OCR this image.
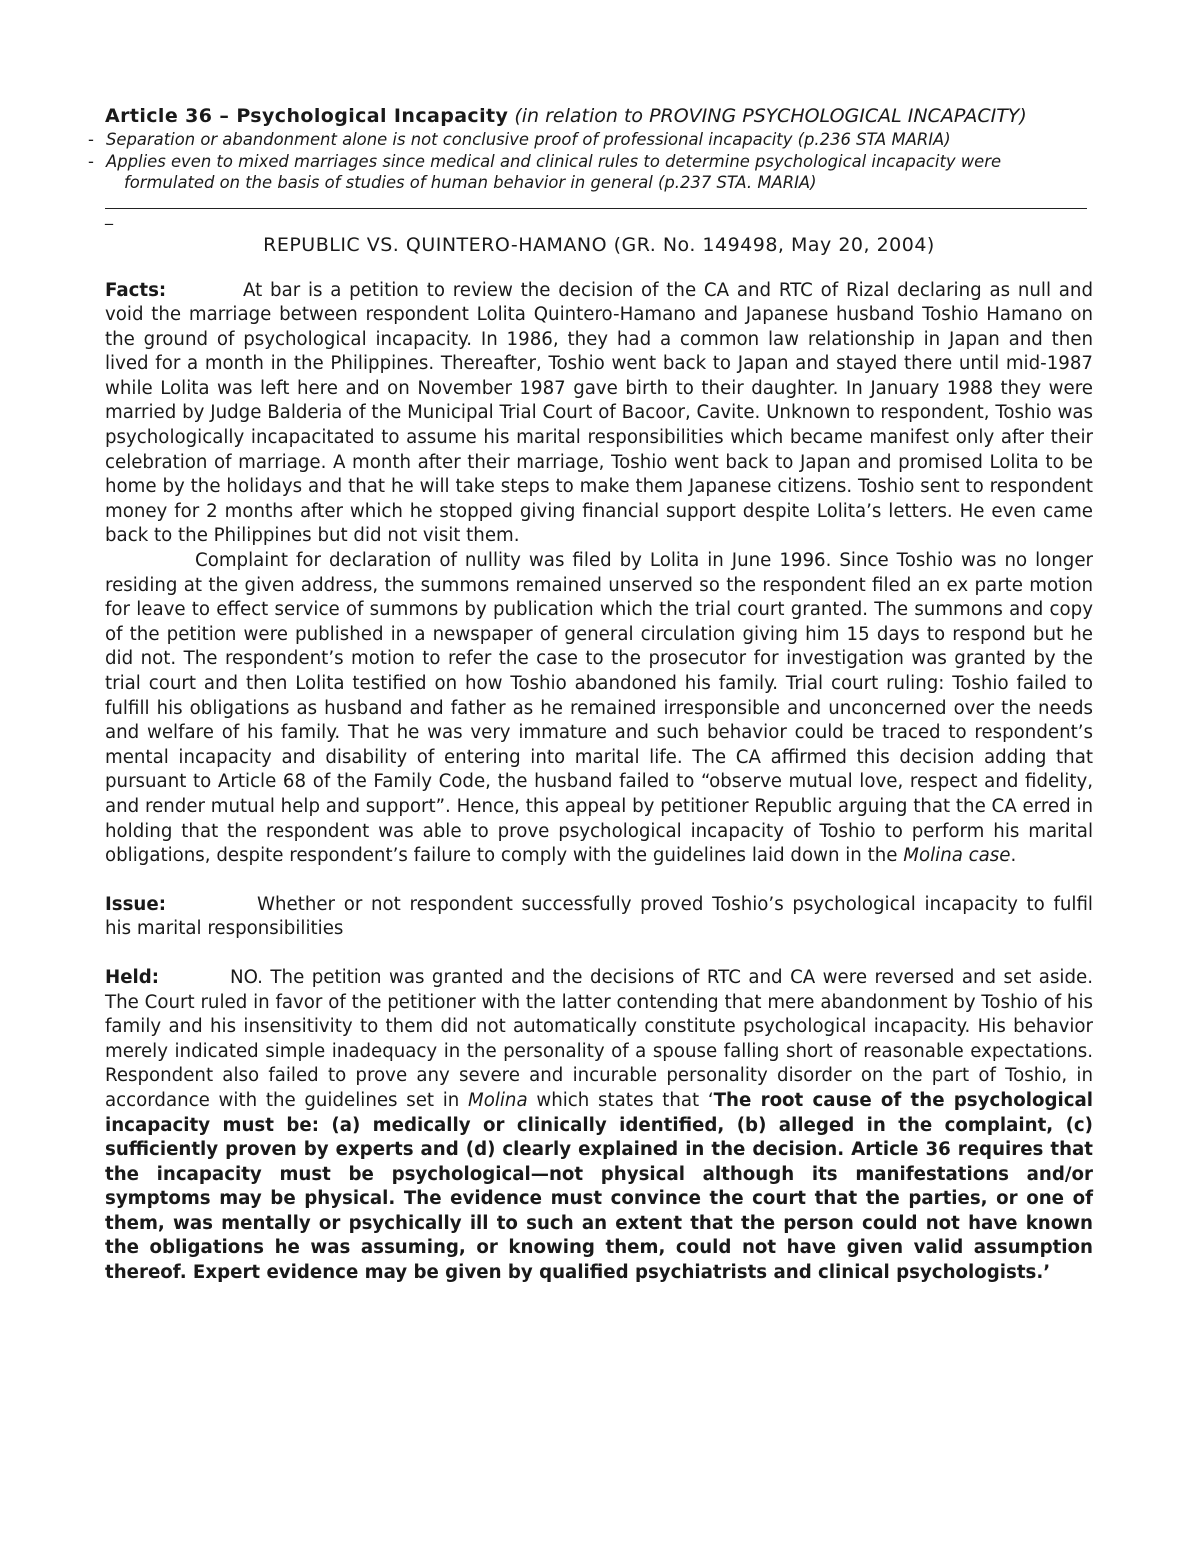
Article 36 – Psychological Incapacity (in relation to PROVING PSYCHOLOGICAL INCAPACITY)
- Separation or abandonment alone is not conclusive proof of professional incapacity (p.236 STA MARIA)
- Applies even to mixed marriages since medical and clinical rules to determine psychological incapacity were
formulated on the basis of studies of human behavior in general (p.237 STA. MARIA)
_
REPUBLIC VS. QUINTERO-HAMANO (GR. No. 149498, May 20, 2004)

Facts:	At bar is a petition to review the decision of the CA and RTC of Rizal declaring as null and void the marriage between respondent Lolita Quintero-Hamano and Japanese husband Toshio Hamano on the ground of psychological incapacity. In 1986, they had a common law relationship in Japan and then lived for a month in the Philippines. Thereafter, Toshio went back to Japan and stayed there until mid-1987 while Lolita was left here and on November 1987 gave birth to their daughter. In January 1988 they were married by Judge Balderia of the Municipal Trial Court of Bacoor, Cavite. Unknown to respondent, Toshio was psychologically incapacitated to assume his marital responsibilities which became manifest only after their celebration of marriage. A month after their marriage, Toshio went back to Japan and promised Lolita to be home by the holidays and that he will take steps to make them Japanese citizens. Toshio sent to respondent money for 2 months after which he stopped giving financial support despite Lolita’s letters. He even came back to the Philippines but did not visit them.

Complaint for declaration of nullity was filed by Lolita in June 1996. Since Toshio was no longer residing at the given address, the summons remained unserved so the respondent filed an ex parte motion for leave to effect service of summons by publication which the trial court granted. The summons and copy of the petition were published in a newspaper of general circulation giving him 15 days to respond but he did not. The respondent’s motion to refer the case to the prosecutor for investigation was granted by the trial court and then Lolita testified on how Toshio abandoned his family. Trial court ruling: Toshio failed to fulfill his obligations as husband and father as he remained irresponsible and unconcerned over the needs and welfare of his family. That he was very immature and such behavior could be traced to respondent’s mental incapacity and disability of entering into marital life. The CA affirmed this decision adding that pursuant to Article 68 of the Family Code, the husband failed to “observe mutual love, respect and fidelity, and render mutual help and support”. Hence, this appeal by petitioner Republic arguing that the CA erred in holding that the respondent was able to prove psychological incapacity of Toshio to perform his marital obligations, despite respondent’s failure to comply with the guidelines laid down in the Molina case.

Issue:	Whether or not respondent successfully proved Toshio’s psychological incapacity to fulfil his marital responsibilities

Held:	NO. The petition was granted and the decisions of RTC and CA were reversed and set aside. The Court ruled in favor of the petitioner with the latter contending that mere abandonment by Toshio of his family and his insensitivity to them did not automatically constitute psychological incapacity. His behavior merely indicated simple inadequacy in the personality of a spouse falling short of reasonable expectations. Respondent also failed to prove any severe and incurable personality disorder on the part of Toshio, in accordance with the guidelines set in Molina which states that ‘The root cause of the psychological incapacity must be: (a) medically or clinically identified, (b) alleged in the complaint, (c) sufficiently proven by experts and (d) clearly explained in the decision. Article 36 requires that the incapacity must be psychological—not physical although its manifestations and/or symptoms may be physical. The evidence must convince the court that the parties, or one of them, was mentally or psychically ill to such an extent that the person could not have known the obligations he was assuming, or knowing them, could not have given valid assumption thereof. Expert evidence may be given by qualified psychiatrists and clinical psychologists.’
